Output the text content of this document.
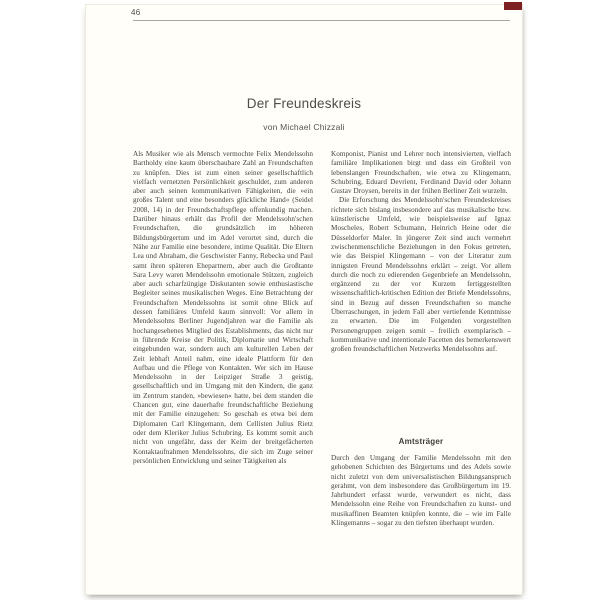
46
Der Freundeskreis
von Michael Chizzali
Als Musiker wie als Mensch vermochte Felix Mendelssohn Bartholdy eine kaum überschaubare Zahl an Freundschaften zu knüpfen. Dies ist zum einen seiner gesellschaftlich vielfach vernetzten Persönlichkeit geschuldet, zum anderen aber auch seinen kommunikativen Fähigkeiten, die »ein großes Talent und eine besonders glückliche Hand« (Seidel 2008, 14) in der Freundschaftspflege offenkundig machen. Darüber hinaus erhält das Profil der Mendelssohn'schen Freundschaften, die grundsätzlich im höheren Bildungsbürgertum und im Adel verortet sind, durch die Nähe zur Familie eine besondere, intime Qualität. Die Eltern Lea und Abraham, die Geschwister Fanny, Rebecka und Paul samt ihren späteren Ehepartnern, aber auch die Großtante Sara Levy waren Mendelssohn emotionale Stützen, zugleich aber auch scharfzüngige Diskutanten sowie enthusiastische Begleiter seines musikalischen Weges. Eine Betrachtung der Freundschaften Mendelssohns ist somit ohne Blick auf dessen familiäres Umfeld kaum sinnvoll: Vor allem in Mendelssohns Berliner Jugendjahren war die Familie als hochangesehenes Mitglied des Establishments, das nicht nur in führende Kreise der Politik, Diplomatie und Wirtschaft eingebunden war, sondern auch am kulturellen Leben der Zeit lebhaft Anteil nahm, eine ideale Plattform für den Aufbau und die Pflege von Kontakten. Wer sich im Hause Mendelssohn in der Leipziger Straße 3 geistig, gesellschaftlich und im Umgang mit den Kindern, die ganz im Zentrum standen, »bewiesen« hatte, bei dem standen die Chancen gut, eine dauerhafte freundschaftliche Beziehung mit der Familie einzugehen: So geschah es etwa bei dem Diplomaten Carl Klingemann, dem Cellisten Julius Rietz oder dem Kleriker Julius Schubring. Es kommt somit auch nicht von ungefähr, dass der Keim der breitgefächerten Kontaktaufnahmen Mendelssohns, die sich im Zuge seiner persönlichen Entwicklung und seiner Tätigkeiten als

Komponist, Pianist und Lehrer noch intensivierten, vielfach familiäre Implikationen birgt und dass ein Großteil von lebenslangen Freundschaften, wie etwa zu Klingemann, Schubring, Eduard Devrient, Ferdinand David oder Johann Gustav Droysen, bereits in der frühen Berliner Zeit wurzeln.

Die Erforschung des Mendelssohn'schen Freundeskreises richtete sich bislang insbesondere auf das musikalische bzw. künstlerische Umfeld, wie beispielsweise auf Ignaz Moscheles, Robert Schumann, Heinrich Heine oder die Düsseldorfer Maler. In jüngerer Zeit sind auch vermehrt zwischenmenschliche Beziehungen in den Fokus getreten, wie das Beispiel Klingemann – von der Literatur zum innigsten Freund Mendelssohns erklärt – zeigt. Vor allem durch die noch zu edierenden Gegenbriefe an Mendelssohn, ergänzend zu der vor Kurzem fertiggestellten wissenschaftlich-kritischen Edition der Briefe Mendelssohns, sind in Bezug auf dessen Freundschaften so manche Überraschungen, in jedem Fall aber vertiefende Kenntnisse zu erwarten. Die im Folgenden vorgestellten Personengruppen zeigen somit – freilich exemplarisch – kommunikative und intentionale Facetten des bemerkenswert großen freundschaftlichen Netzwerks Mendelssohns auf.

Amtsträger
Durch den Umgang der Familie Mendelssohn mit den gehobenen Schichten des Bürgertums und des Adels sowie nicht zuletzt von dem universalistischen Bildungsanspruch gerahmt, von dem insbesondere das Großbürgertum im 19. Jahrhundert erfasst wurde, verwundert es nicht, dass Mendelssohn eine Reihe von Freundschaften zu kunst- und musikaffinen Beamten knüpfen konnte, die – wie im Falle Klingemanns – sogar zu den tiefsten überhaupt wurden.
